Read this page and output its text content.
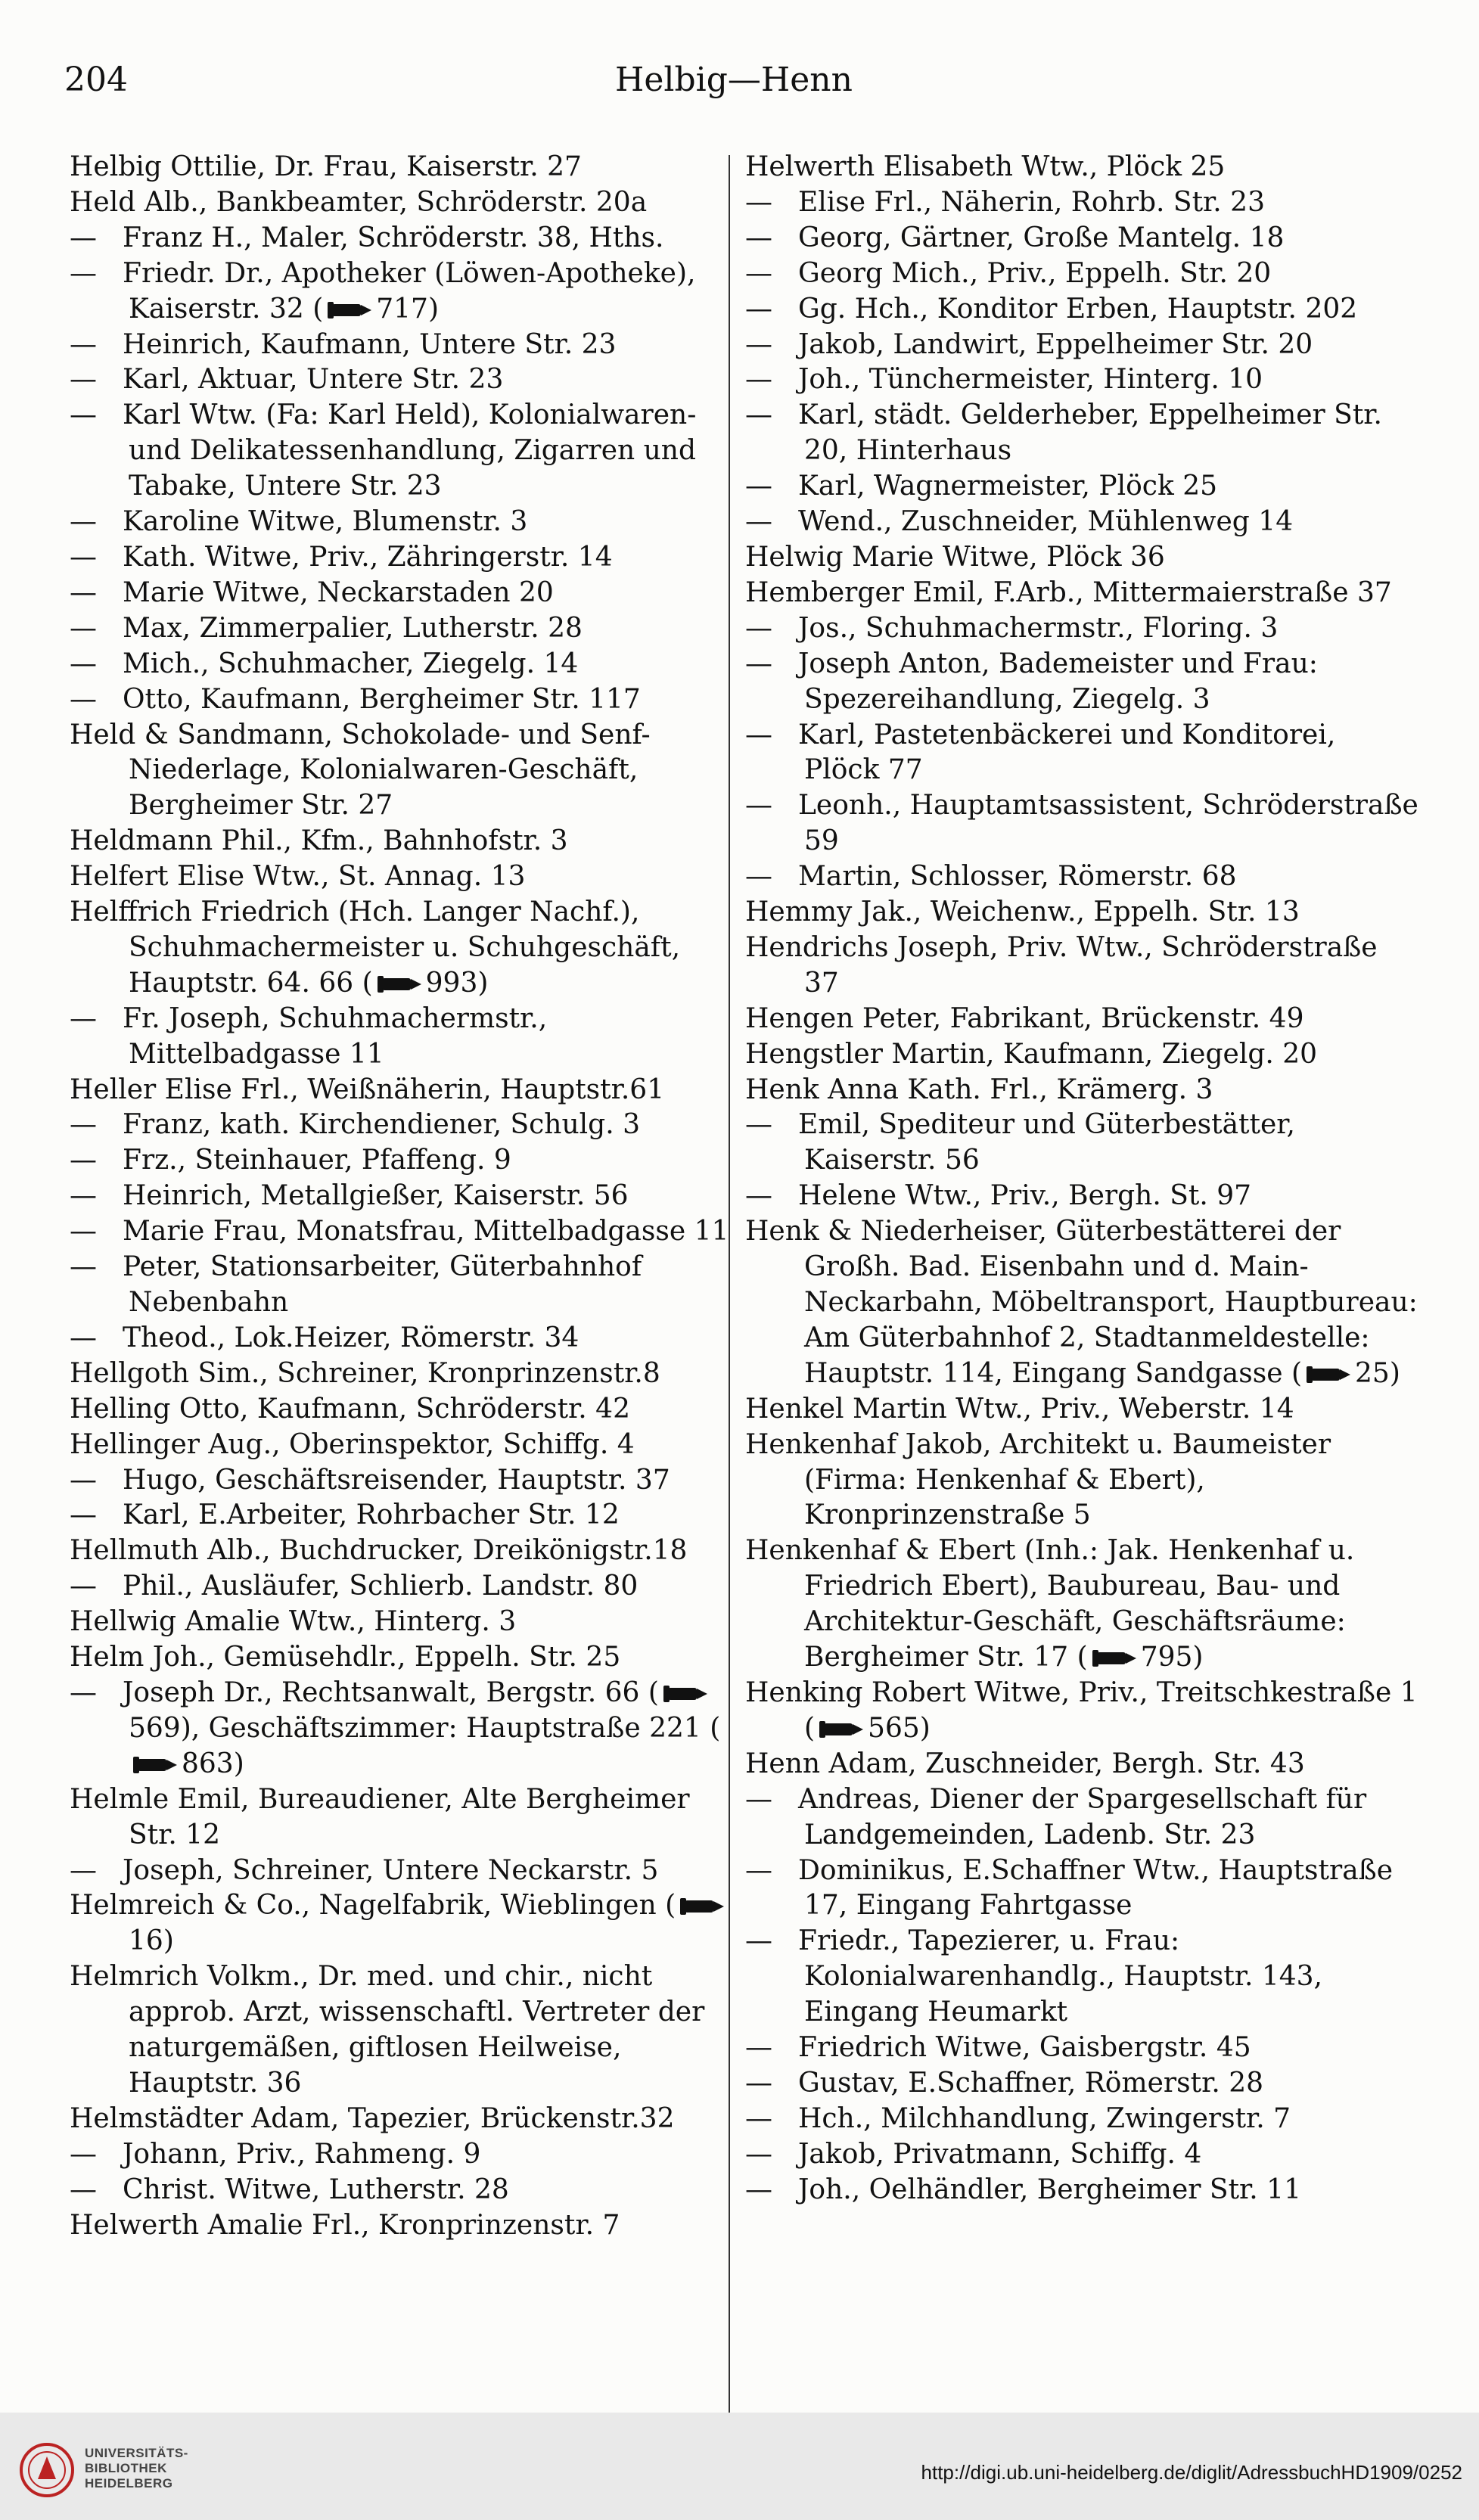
204	Helbig—Henn

Helbig Ottilie, Dr. Frau, Kaiserstr. 27

Held Alb., Bankbeamter, Schröderstr. 20a

— Franz H., Maler, Schröderstr. 38, Hths.

— Friedr. Dr., Apotheker (Löwen-Apotheke), Kaiserstr. 32 ( 717)

— Heinrich, Kaufmann, Untere Str. 23

— Karl, Aktuar, Untere Str. 23

— Karl Wtw. (Fa: Karl Held), Kolonialwaren- und Delikatessenhandlung, Zigarren und Tabake, Untere Str. 23

— Karoline Witwe, Blumenstr. 3

— Kath. Witwe, Priv., Zähringerstr. 14

— Marie Witwe, Neckarstaden 20

— Max, Zimmerpalier, Lutherstr. 28

— Mich., Schuhmacher, Ziegelg. 14

— Otto, Kaufmann, Bergheimer Str. 117

Held & Sandmann, Schokolade- und Senf-Niederlage, Kolonialwaren-Geschäft, Bergheimer Str. 27

Heldmann Phil., Kfm., Bahnhofstr. 3

Helfert Elise Wtw., St. Annag. 13

Helffrich Friedrich (Hch. Langer Nachf.), Schuhmachermeister u. Schuhgeschäft, Hauptstr. 64. 66 ( 993)

— Fr. Joseph, Schuhmachermstr., Mittelbadgasse 11

Heller Elise Frl., Weißnäherin, Hauptstr.61

— Franz, kath. Kirchendiener, Schulg. 3

— Frz., Steinhauer, Pfaffeng. 9

— Heinrich, Metallgießer, Kaiserstr. 56

— Marie Frau, Monatsfrau, Mittelbadgasse 11

— Peter, Stationsarbeiter, Güterbahnhof Nebenbahn

— Theod., Lok.Heizer, Römerstr. 34

Hellgoth Sim., Schreiner, Kronprinzenstr.8

Helling Otto, Kaufmann, Schröderstr. 42

Hellinger Aug., Oberinspektor, Schiffg. 4

— Hugo, Geschäftsreisender, Hauptstr. 37

— Karl, E.Arbeiter, Rohrbacher Str. 12

Hellmuth Alb., Buchdrucker, Dreikönigstr.18

— Phil., Ausläufer, Schlierb. Landstr. 80

Hellwig Amalie Wtw., Hinterg. 3

Helm Joh., Gemüsehdlr., Eppelh. Str. 25

— Joseph Dr., Rechtsanwalt, Bergstr. 66 (569), Geschäftszimmer: Hauptstraße 221 (863)

Helmle Emil, Bureaudiener, Alte Bergheimer Str. 12

— Joseph, Schreiner, Untere Neckarstr. 5

Helmreich & Co., Nagelfabrik, Wieblingen (16)

Helmrich Volkm., Dr. med. und chir., nicht approb. Arzt, wissenschaftl. Vertreter der naturgemäßen, giftlosen Heilweise, Hauptstr. 36

Helmstädter Adam, Tapezier, Brückenstr.32

— Johann, Priv., Rahmeng. 9

— Christ. Witwe, Lutherstr. 28

Helwerth Amalie Frl., Kronprinzenstr. 7

Helwerth Elisabeth Wtw., Plöck 25

— Elise Frl., Näherin, Rohrb. Str. 23

— Georg, Gärtner, Große Mantelg. 18

— Georg Mich., Priv., Eppelh. Str. 20

— Gg. Hch., Konditor Erben, Hauptstr. 202

— Jakob, Landwirt, Eppelheimer Str. 20

— Joh., Tünchermeister, Hinterg. 10

— Karl, städt. Gelderheber, Eppelheimer Str. 20, Hinterhaus

— Karl, Wagnermeister, Plöck 25

— Wend., Zuschneider, Mühlenweg 14

Helwig Marie Witwe, Plöck 36

Hemberger Emil, F.Arb., Mittermaierstraße 37

— Jos., Schuhmachermstr., Floring. 3

— Joseph Anton, Bademeister und Frau: Spezereihandlung, Ziegelg. 3

— Karl, Pastetenbäckerei und Konditorei, Plöck 77

— Leonh., Hauptamtsassistent, Schröderstraße 59

— Martin, Schlosser, Römerstr. 68

Hemmy Jak., Weichenw., Eppelh. Str. 13

Hendrichs Joseph, Priv. Wtw., Schröderstraße 37

Hengen Peter, Fabrikant, Brückenstr. 49

Hengstler Martin, Kaufmann, Ziegelg. 20

Henk Anna Kath. Frl., Krämerg. 3

— Emil, Spediteur und Güterbestätter, Kaiserstr. 56

— Helene Wtw., Priv., Bergh. St. 97

Henk & Niederheiser, Güterbestätterei der Großh. Bad. Eisenbahn und d. Main-Neckarbahn, Möbeltransport, Hauptbureau: Am Güterbahnhof 2, Stadtanmeldestelle: Hauptstr. 114, Eingang Sandgasse ( 25)

Henkel Martin Wtw., Priv., Weberstr. 14

Henkenhaf Jakob, Architekt u. Baumeister (Firma: Henkenhaf & Ebert), Kronprinzenstraße 5

Henkenhaf & Ebert (Inh.: Jak. Henkenhaf u. Friedrich Ebert), Baubureau, Bau- und Architektur-Geschäft, Geschäftsräume: Bergheimer Str. 17 ( 795)

Henking Robert Witwe, Priv., Treitschkestraße 1 ( 565)

Henn Adam, Zuschneider, Bergh. Str. 43

— Andreas, Diener der Spargesellschaft für Landgemeinden, Ladenb. Str. 23

— Dominikus, E.Schaffner Wtw., Hauptstraße 17, Eingang Fahrtgasse

— Friedr., Tapezierer, u. Frau: Kolonialwarenhandlg., Hauptstr. 143, Eingang Heumarkt

— Friedrich Witwe, Gaisbergstr. 45

— Gustav, E.Schaffner, Römerstr. 28

— Hch., Milchhandlung, Zwingerstr. 7

— Jakob, Privatmann, Schiffg. 4

— Joh., Oelhändler, Bergheimer Str. 11

UNIVERSITÄTS-
BIBLIOTHEK
HEIDELBERG	http://digi.ub.uni-heidelberg.de/diglit/AdressbuchHD1909/0252
